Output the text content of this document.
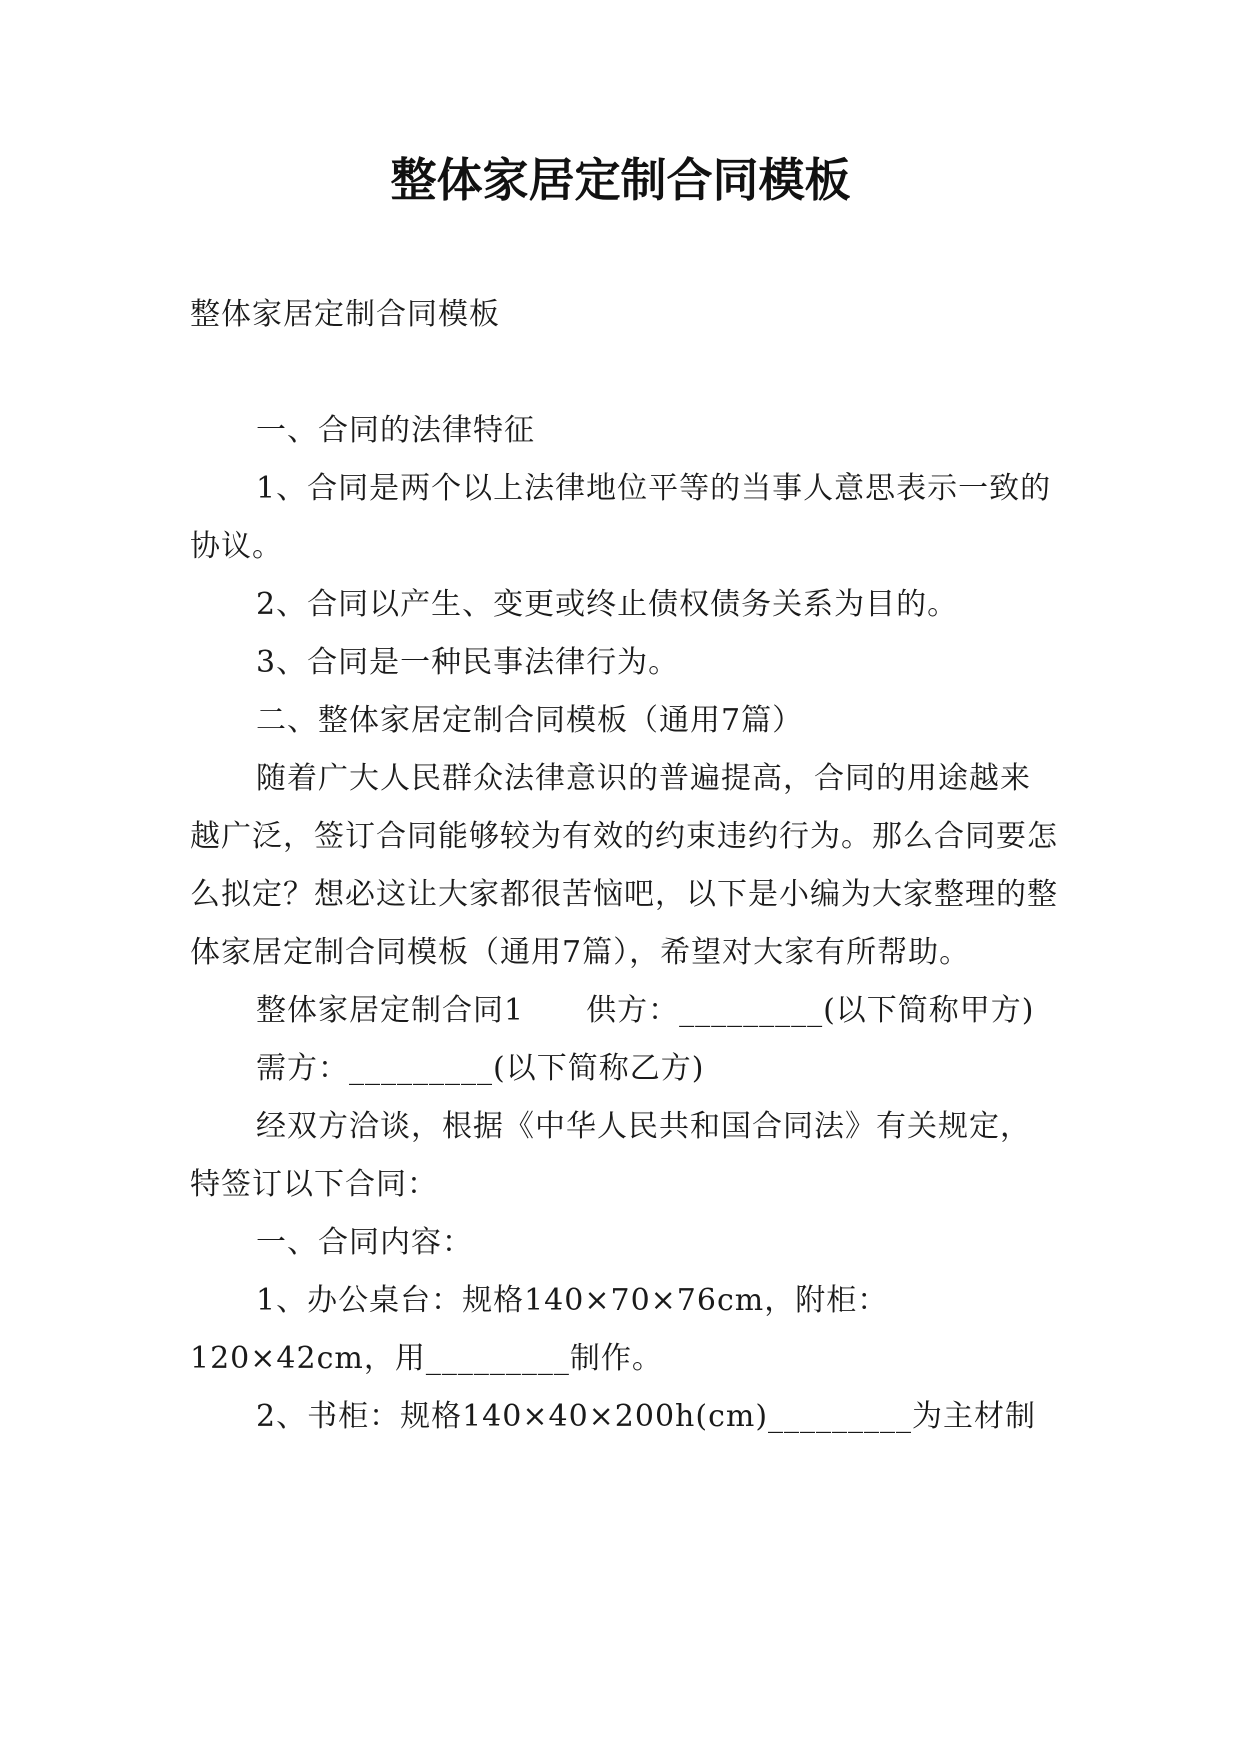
整体家居定制合同模板

整体家居定制合同模板

一、合同的法律特征

1、合同是两个以上法律地位平等的当事人意思表示一致的协议。

2、合同以产生、变更或终止债权债务关系为目的。

3、合同是一种民事法律行为。

二、整体家居定制合同模板（通用7篇）

随着广大人民群众法律意识的普遍提高，合同的用途越来越广泛，签订合同能够较为有效的约束违约行为。那么合同要怎么拟定？想必这让大家都很苦恼吧，以下是小编为大家整理的整体家居定制合同模板（通用7篇），希望对大家有所帮助。

整体家居定制合同1　　供方：_________(以下简称甲方)

需方：_________(以下简称乙方)

经双方洽谈，根据《中华人民共和国合同法》有关规定，特签订以下合同：

一、合同内容：

1、办公桌台：规格140×70×76cm，附柜：120×42cm，用_________制作。

2、书柜：规格140×40×200h(cm)_________为主材制
